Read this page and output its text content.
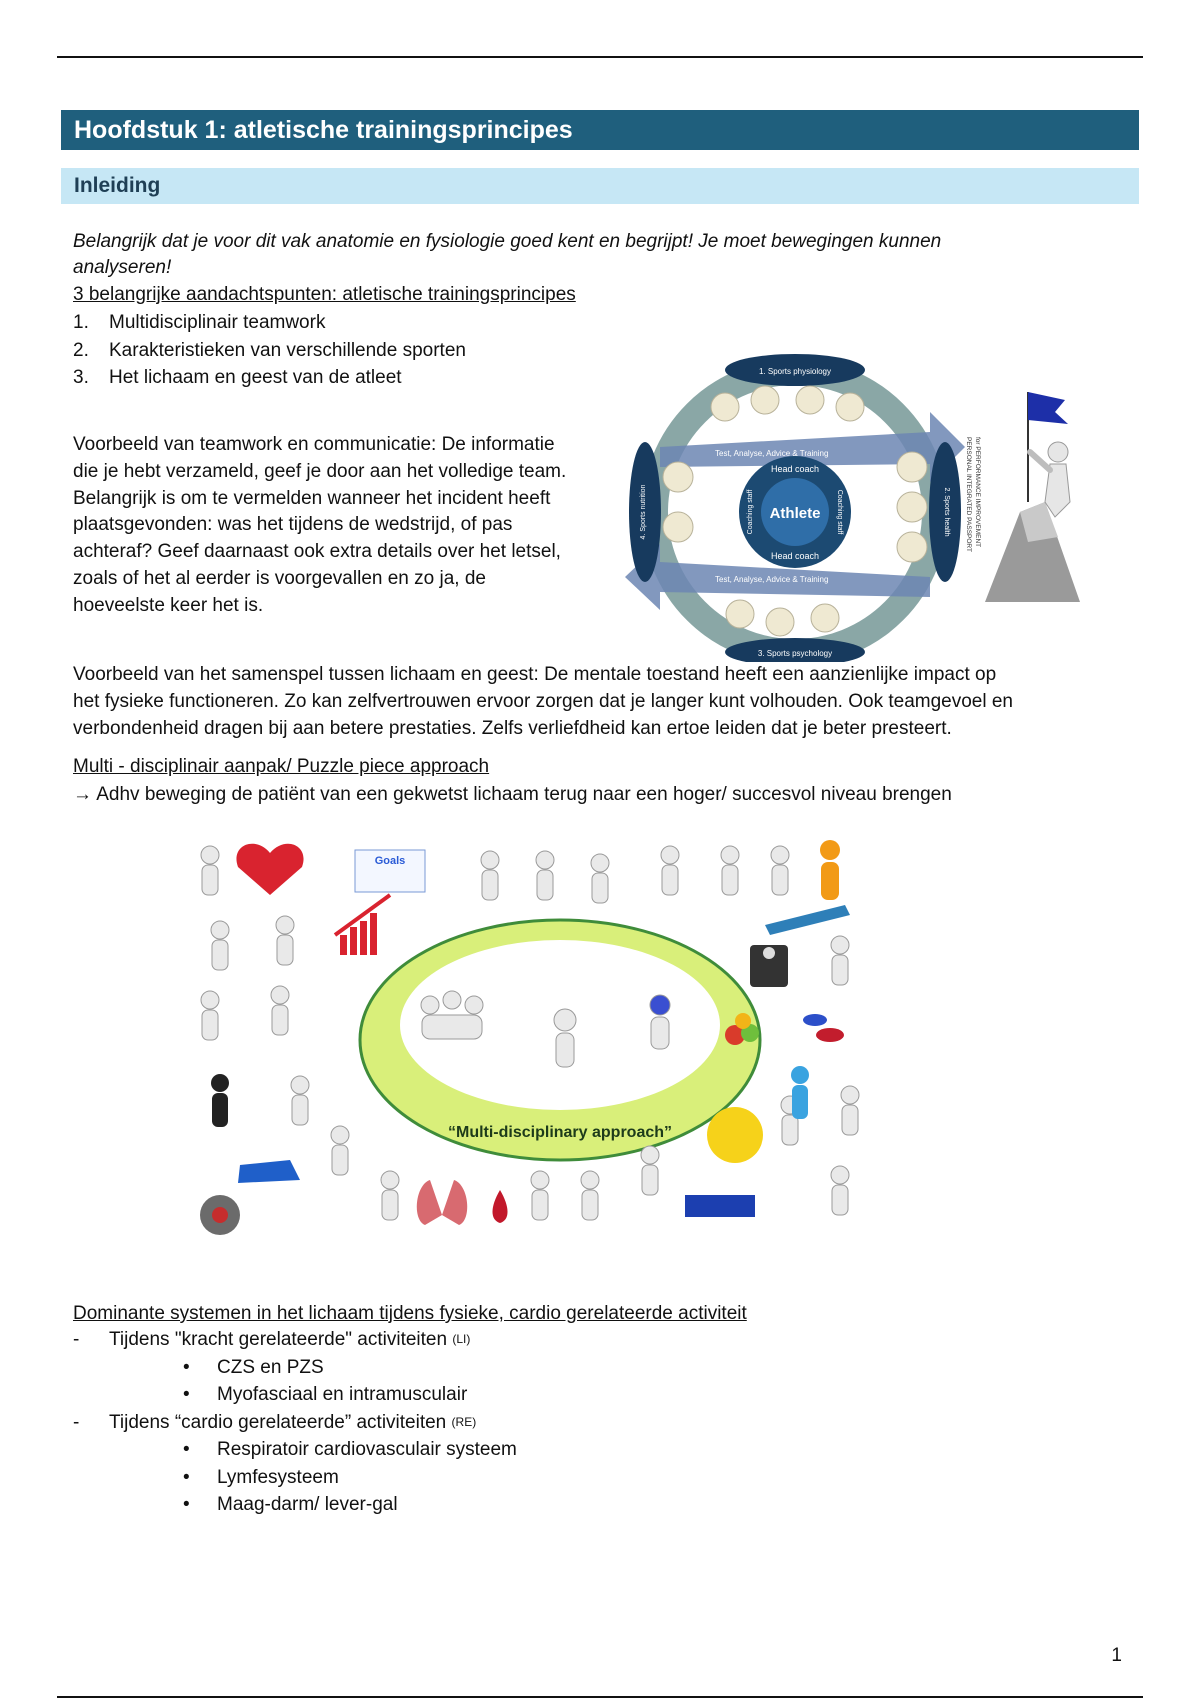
Hoofdstuk 1: atletische trainingsprincipes
Inleiding
Belangrijk dat je voor dit vak anatomie en fysiologie goed kent en begrijpt! Je moet bewegingen kunnen
analyseren!
3 belangrijke aandachtspunten: atletische trainingsprincipes
1.	Multidisciplinair teamwork
2.	Karakteristieken van verschillende sporten
3.	Het lichaam en geest van de atleet
Voorbeeld van teamwork en communicatie: De informatie die je hebt verzameld, geef je door aan het volledige team. Belangrijk is om te vermelden wanneer het incident heeft plaatsgevonden: was het tijdens de wedstrijd, of pas achteraf? Geef daarnaast ook extra details over het letsel, zoals of het al eerder is voorgevallen en zo ja, de hoeveelste keer het is.
Test, Analyse, Advice & Training
Test, Analyse, Advice & Training
1. Sports physiology
3. Sports psychology
4. Sports nutrition	2. Sports health
Athlete
Head coach
Head coach
Coaching staff	Coaching staff	PERSONAL INTEGRATED PASSPORT for PERFORMANCE IMPROVEMENT
Voorbeeld van het samenspel tussen lichaam en geest: De mentale toestand heeft een aanzienlijke impact op
het fysieke functioneren. Zo kan zelfvertrouwen ervoor zorgen dat je langer kunt volhouden. Ook teamgevoel en
verbondenheid dragen bij aan betere prestaties. Zelfs verliefdheid kan ertoe leiden dat je beter presteert.
Multi - disciplinair aanpak/ Puzzle piece approach
→ Adhv beweging de patiënt van een gekwetst lichaam terug naar een hoger/ succesvol niveau brengen
“Multi-disciplinary approach”
Goals
Dominante systemen in het lichaam tijdens fysieke, cardio gerelateerde activiteit
-	Tijdens "kracht gerelateerde" activiteiten
(LI)
•	CZS en PZS
•	Myofasciaal en intramusculair
-	Tijdens “cardio gerelateerde” activiteiten
(RE)
•	Respiratoir cardiovasculair systeem
•	Lymfesysteem
•	Maag-darm/ lever-gal
1
